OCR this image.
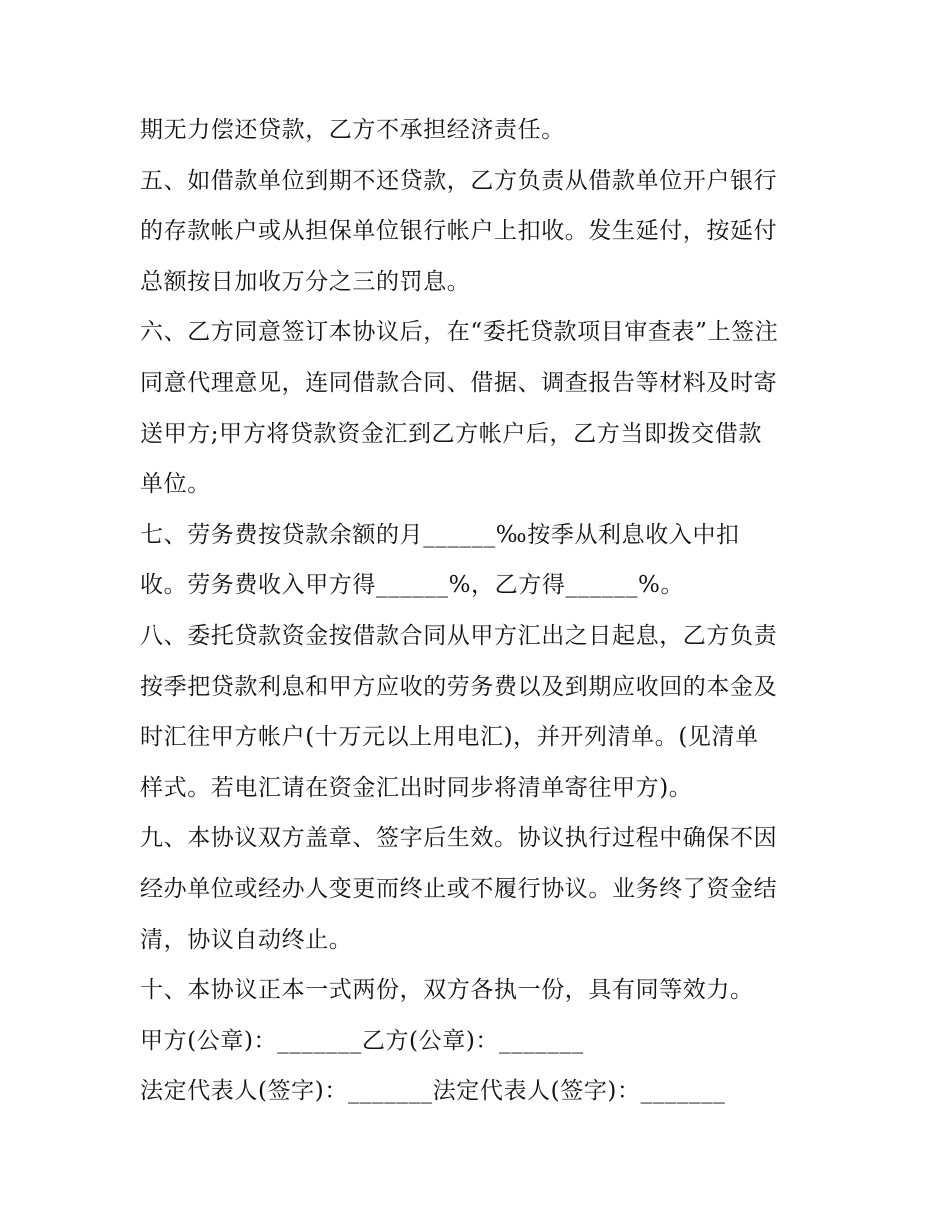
期无力偿还贷款，乙方不承担经济责任。
五、如借款单位到期不还贷款，乙方负责从借款单位开户银行
的存款帐户或从担保单位银行帐户上扣收。发生延付，按延付
总额按日加收万分之三的罚息。
六、乙方同意签订本协议后，在“委托贷款项目审查表”上签注
同意代理意见，连同借款合同、借据、调查报告等材料及时寄
送甲方;甲方将贷款资金汇到乙方帐户后，乙方当即拨交借款
单位。
七、劳务费按贷款余额的月______‰按季从利息收入中扣
收。劳务费收入甲方得______%，乙方得______%。
八、委托贷款资金按借款合同从甲方汇出之日起息，乙方负责
按季把贷款利息和甲方应收的劳务费以及到期应收回的本金及
时汇往甲方帐户(十万元以上用电汇)，并开列清单。(见清单
样式。若电汇请在资金汇出时同步将清单寄往甲方)。
九、本协议双方盖章、签字后生效。协议执行过程中确保不因
经办单位或经办人变更而终止或不履行协议。业务终了资金结
清，协议自动终止。
十、本协议正本一式两份，双方各执一份，具有同等效力。
甲方(公章)：_______乙方(公章)：_______
法定代表人(签字)：_______法定代表人(签字)：_______
